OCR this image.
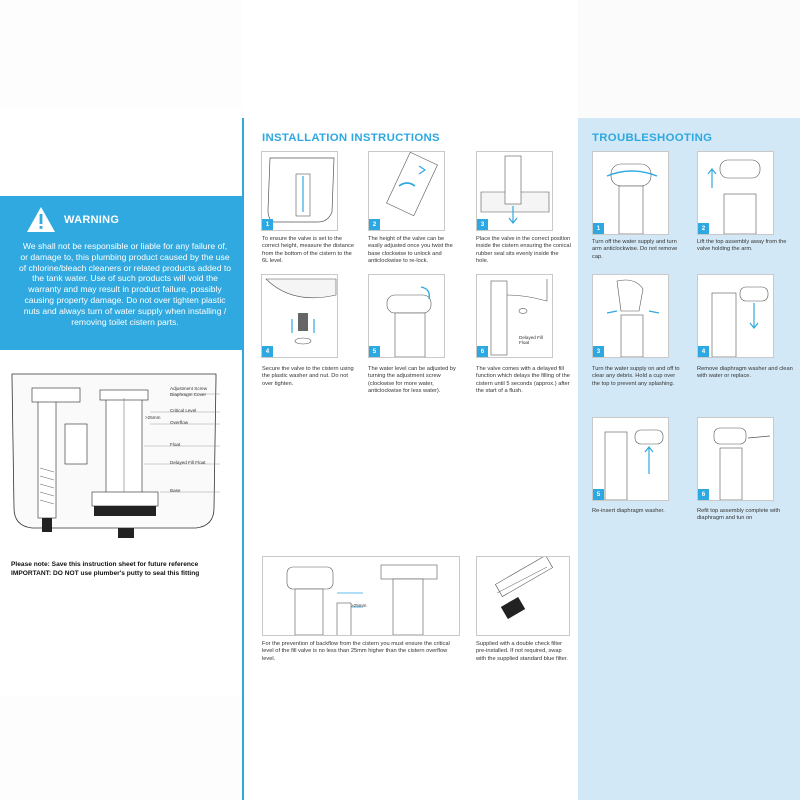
WARNING
We shall not be responsible or liable for any failure of, or damage to, this plumbing product caused by the use of chlorine/bleach cleaners or related products added to the tank water. Use of such products will void the warranty and may result in product failure, possibly causing property damage. Do not over tighten plastic nuts and always turn of water supply when installing / removing toilet cistern parts.
Adjustment Screw
Diaphragm Cover
>25mm
Critical Level
Overflow
Float
Delayed Fill Float
Base
Please note: Save this instruction sheet for future reference
IMPORTANT: DO NOT use plumber's putty to seal this fitting
INSTALLATION INSTRUCTIONS
1
To ensure the valve is set to the correct height, measure the distance from the bottom of the cistern to the 6L level.
2
The height of the valve can be easily adjusted once you twist the base clockwise to unlock and anticlockwise to re-lock.
3
Place the valve in the correct position inside the cistern ensuring the conical rubber seal sits evenly inside the hole.
4
Secure the valve to the cistern using the plastic washer and nut. Do not over tighten.
5
The water level can be adjusted by turning the adjustment screw (clockwise for more water, anticlockwise for less water).
Delayed Fill Float
6
The valve comes with a delayed fill function which delays the filling of the cistern until 5 seconds (approx.) after the start of a flush.
>25mm
For the prevention of backflow from the cistern you must ensure the critical level of the fill valve is no less than 25mm higher than the cistern overflow level.
Supplied with a double check filter pre-installed. If not required, swap with the supplied standard blue filter.
TROUBLESHOOTING
1
Turn off the water supply and turn arm anticlockwise. Do not remove cap.
2
Lift the top assembly away from the valve holding the arm.
3
Turn the water supply on and off to clear any debris. Hold a cup over the top to prevent any splashing.
4
Remove diaphragm washer and clean with water or replace.
5
Re-insert diaphragm washer.
6
Refit top assembly complete with diaphragm and tun on
